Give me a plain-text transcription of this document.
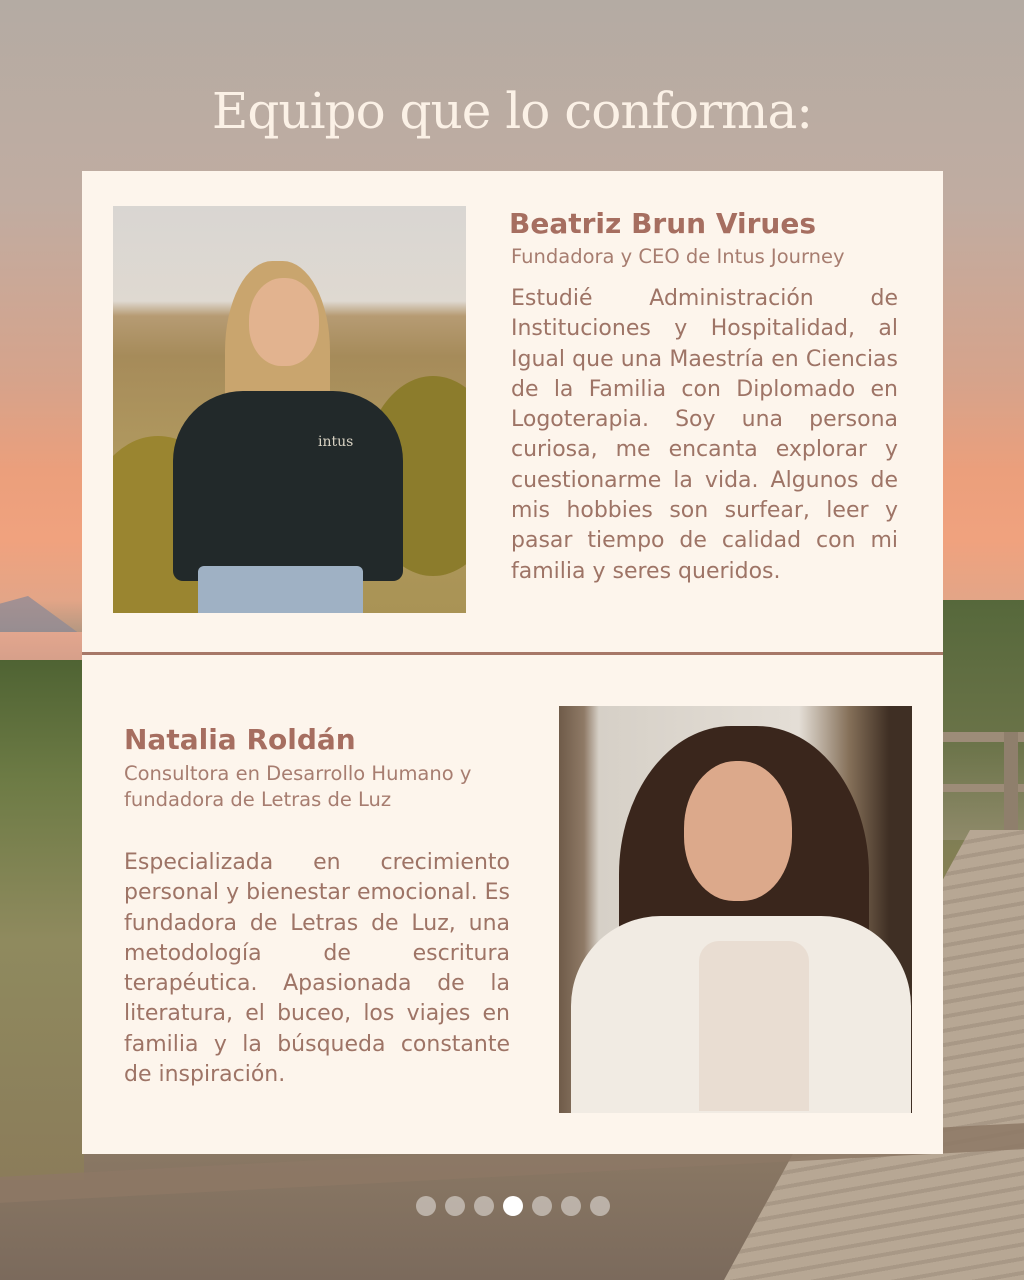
Equipo que lo conforma:
intus
Beatriz Brun Virues
Fundadora y CEO de Intus Journey
Estudié Administración de Instituciones y Hospitalidad, al Igual que una Maestría en Ciencias de la Familia con Diplomado en Logoterapia. Soy una persona curiosa, me encanta explorar y cuestionarme la vida. Algunos de mis hobbies son surfear, leer y pasar tiempo de calidad con mi familia y seres queridos.
Natalia Roldán
Consultora en Desarrollo Humano y fundadora de Letras de Luz
Especializada en crecimiento personal y bienestar emocional. Es fundadora de Letras de Luz, una metodología de escritura terapéutica. Apasionada de la literatura, el buceo, los viajes en familia y la búsqueda constante de inspiración.
